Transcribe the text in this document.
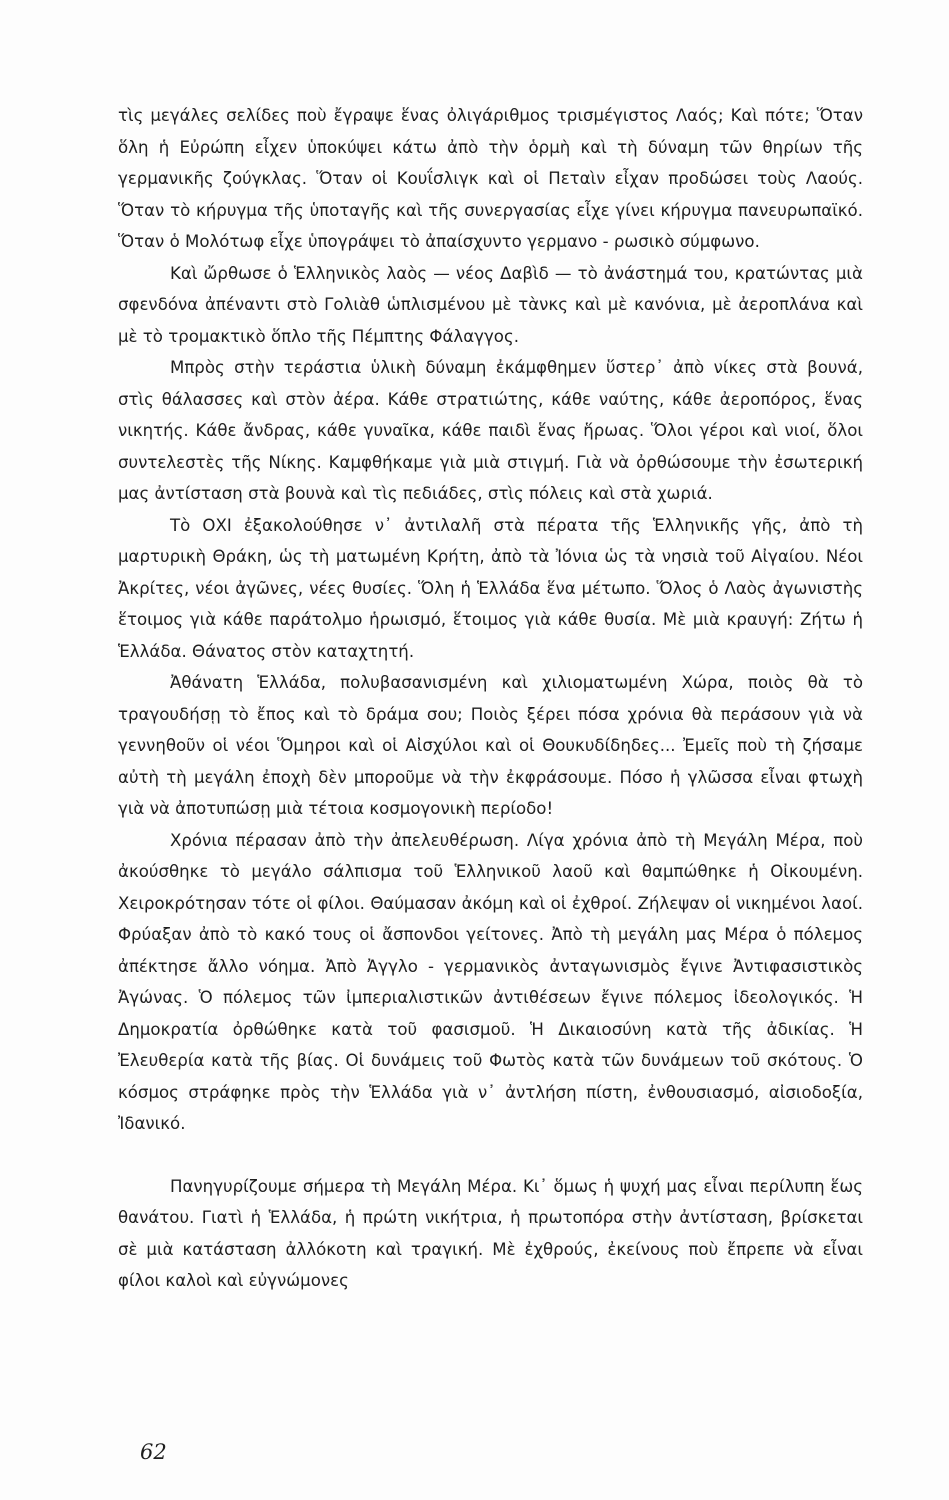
τὶς μεγάλες σελίδες ποὺ ἔγραψε ἕνας ὀλιγάριθμος τρισμέγιστος Λαός; Καὶ πότε; Ὅταν ὅλη ἡ Εὐρώπη εἶχεν ὑποκύψει κάτω ἀπὸ τὴν ὁρμὴ καὶ τὴ δύναμη τῶν θηρίων τῆς γερμανικῆς ζούγκλας. Ὅταν οἱ Κουΐσλιγκ καὶ οἱ Πεταὶν εἶχαν προδώσει τοὺς Λαούς. Ὅταν τὸ κήρυγμα τῆς ὑποταγῆς καὶ τῆς συνεργασίας εἶχε γίνει κήρυγμα πανευρωπαϊκό. Ὅταν ὁ Μολότωφ εἶχε ὑπογράψει τὸ ἀπαίσχυντο γερμανο - ρωσικὸ σύμφωνο.

Καὶ ὤρθωσε ὁ Ἑλληνικὸς λαὸς — νέος Δαβὶδ — τὸ ἀνάστημά του, κρατώντας μιὰ σφενδόνα ἀπέναντι στὸ Γολιὰθ ὡπλισμένου μὲ τὰνκς καὶ μὲ κανόνια, μὲ ἀεροπλάνα καὶ μὲ τὸ τρομακτικὸ ὅπλο τῆς Πέμπτης Φάλαγγος.

Μπρὸς στὴν τεράστια ὑλικὴ δύναμη ἐκάμφθημεν ὕστερ᾽ ἀπὸ νίκες στὰ βουνά, στὶς θάλασσες καὶ στὸν ἀέρα. Κάθε στρατιώτης, κάθε ναύτης, κάθε ἀεροπόρος, ἕνας νικητής. Κάθε ἄνδρας, κάθε γυναῖκα, κάθε παιδὶ ἕνας ἥρωας. Ὅλοι γέροι καὶ νιοί, ὅλοι συντελεστὲς τῆς Νίκης. Καμφθήκαμε γιὰ μιὰ στιγμή. Γιὰ νὰ ὀρθώσουμε τὴν ἐσωτερική μας ἀντίσταση στὰ βουνὰ καὶ τὶς πεδιάδες, στὶς πόλεις καὶ στὰ χωριά.

Τὸ ΟΧΙ ἐξακολούθησε ν᾽ ἀντιλαλῆ στὰ πέρατα τῆς Ἑλληνικῆς γῆς, ἀπὸ τὴ μαρτυρικὴ Θράκη, ὡς τὴ ματωμένη Κρήτη, ἀπὸ τὰ Ἰόνια ὡς τὰ νησιὰ τοῦ Αἰγαίου. Νέοι Ἀκρίτες, νέοι ἀγῶνες, νέες θυσίες. Ὅλη ἡ Ἑλλάδα ἕνα μέτωπο. Ὅλος ὁ Λαὸς ἀγωνιστὴς ἕτοιμος γιὰ κάθε παράτολμο ἡρωισμό, ἕτοιμος γιὰ κάθε θυσία. Μὲ μιὰ κραυγή: Ζήτω ἡ Ἑλλάδα. Θάνατος στὸν καταχτητή.

Ἀθάνατη Ἑλλάδα, πολυβασανισμένη καὶ χιλιοματωμένη Χώρα, ποιὸς θὰ τὸ τραγουδήσῃ τὸ ἔπος καὶ τὸ δράμα σου; Ποιὸς ξέρει πόσα χρόνια θὰ περάσουν γιὰ νὰ γεννηθοῦν οἱ νέοι Ὅμηροι καὶ οἱ Αἰσχύλοι καὶ οἱ Θουκυδίδηδες... Ἐμεῖς ποὺ τὴ ζήσαμε αὐτὴ τὴ μεγάλη ἐποχὴ δὲν μποροῦμε νὰ τὴν ἐκφράσουμε. Πόσο ἡ γλῶσσα εἶναι φτωχὴ γιὰ νὰ ἀποτυπώσῃ μιὰ τέτοια κοσμογονικὴ περίοδο!

Χρόνια πέρασαν ἀπὸ τὴν ἀπελευθέρωση. Λίγα χρόνια ἀπὸ τὴ Μεγάλη Μέρα, ποὺ ἀκούσθηκε τὸ μεγάλο σάλπισμα τοῦ Ἑλληνικοῦ λαοῦ καὶ θαμπώθηκε ἡ Οἰκουμένη. Χειροκρότησαν τότε οἱ φίλοι. Θαύμασαν ἀκόμη καὶ οἱ ἐχθροί. Ζήλεψαν οἱ νικημένοι λαοί. Φρύαξαν ἀπὸ τὸ κακό τους οἱ ἄσπονδοι γείτονες. Ἀπὸ τὴ μεγάλη μας Μέρα ὁ πόλεμος ἀπέκτησε ἄλλο νόημα. Ἀπὸ Ἀγγλο - γερμανικὸς ἀνταγωνισμὸς ἔγινε Ἀντιφασιστικὸς Ἀγώνας. Ὁ πόλεμος τῶν ἰμπεριαλιστικῶν ἀντιθέσεων ἔγινε πόλεμος ἰδεολογικός. Ἡ Δημοκρατία ὀρθώθηκε κατὰ τοῦ φασισμοῦ. Ἡ Δικαιοσύνη κατὰ τῆς ἀδικίας. Ἡ Ἐλευθερία κατὰ τῆς βίας. Οἱ δυνάμεις τοῦ Φωτὸς κατὰ τῶν δυνάμεων τοῦ σκότους. Ὁ κόσμος στράφηκε πρὸς τὴν Ἑλλάδα γιὰ ν᾽ ἀντλήση πίστη, ἐνθουσιασμό, αἰσιοδοξία, Ἰδανικό.

Πανηγυρίζουμε σήμερα τὴ Μεγάλη Μέρα. Κι᾽ ὅμως ἡ ψυχή μας εἶναι περίλυπη ἕως θανάτου. Γιατὶ ἡ Ἑλλάδα, ἡ πρώτη νικήτρια, ἡ πρωτοπόρα στὴν ἀντίσταση, βρίσκεται σὲ μιὰ κατάσταση ἀλλόκοτη καὶ τραγική. Μὲ ἐχθρούς, ἐκείνους ποὺ ἔπρεπε νὰ εἶναι φίλοι καλοὶ καὶ εὐγνώμονες

62
